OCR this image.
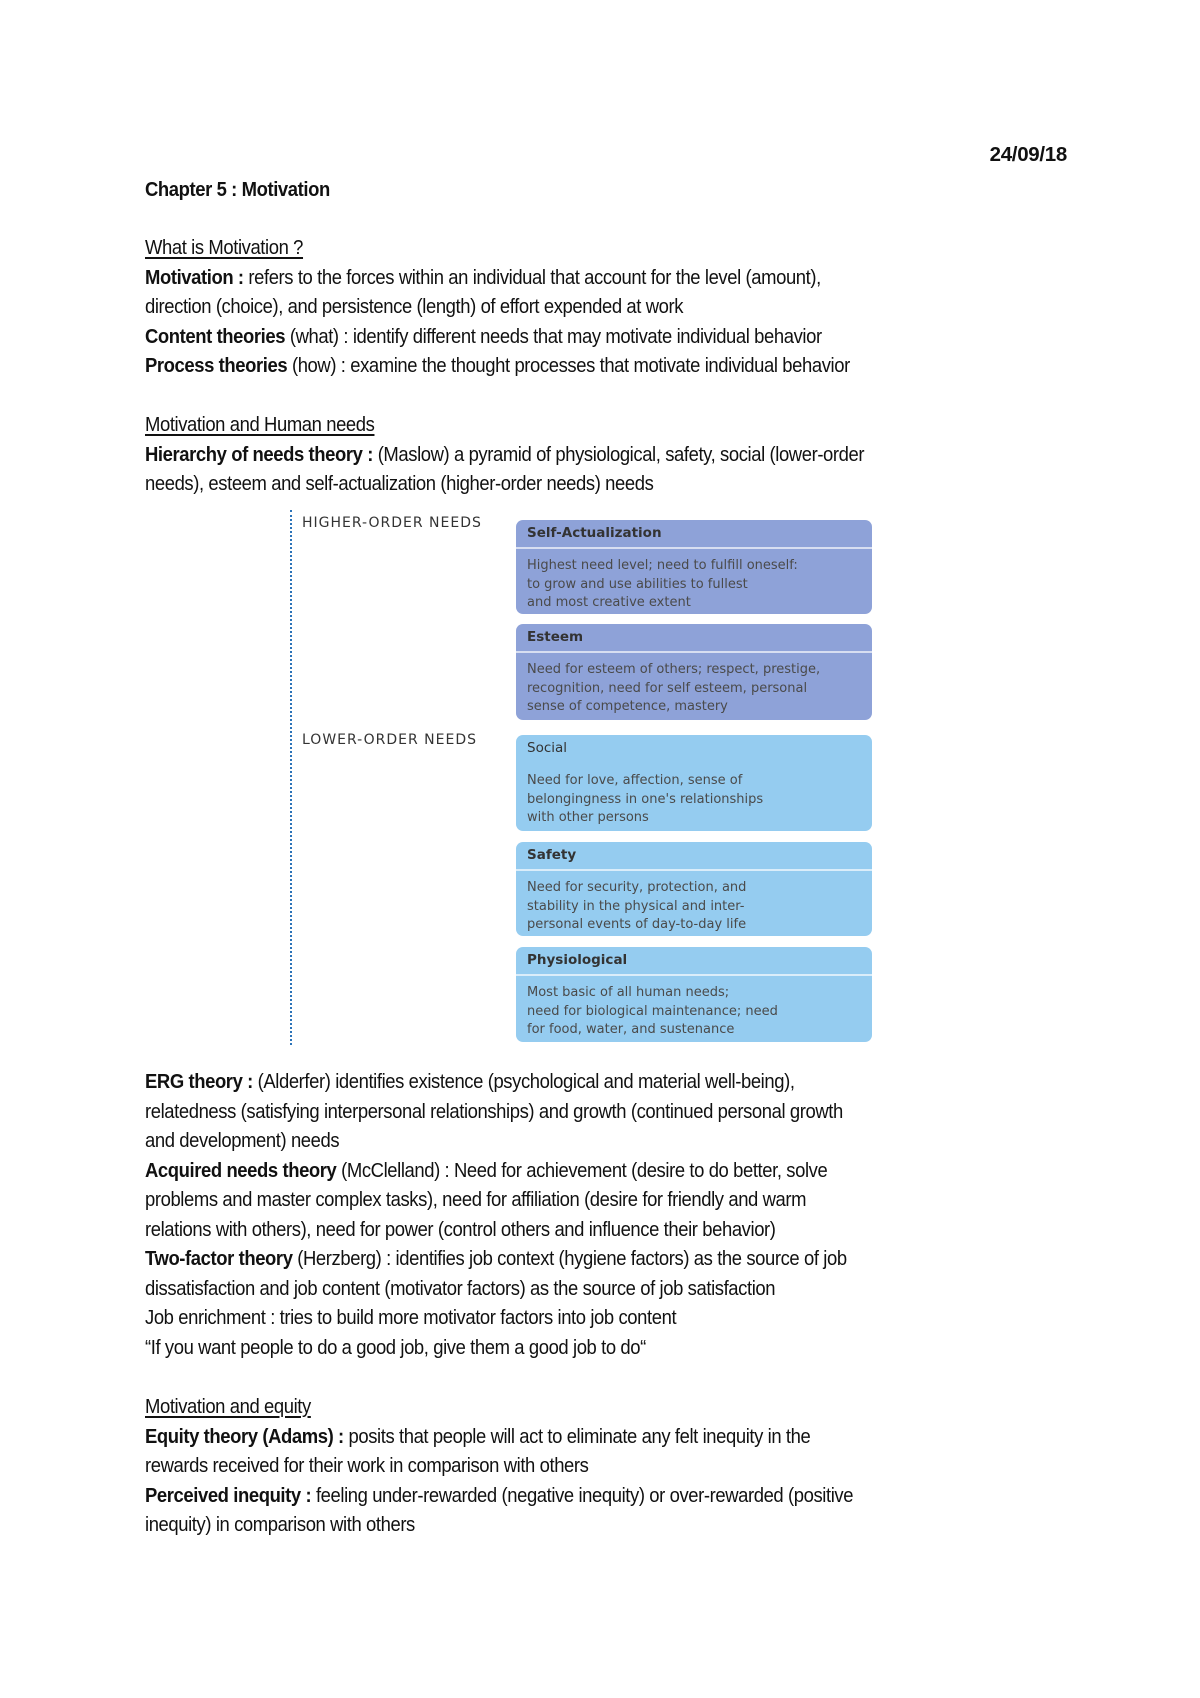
24/09/18
Chapter 5 : Motivation
What is Motivation ?
Motivation : refers to the forces within an individual that account for the level (amount),
direction (choice), and persistence (length) of effort expended at work
Content theories (what) : identify different needs that may motivate individual behavior
Process theories (how) : examine the thought processes that motivate individual behavior
Motivation and Human needs
Hierarchy of needs theory : (Maslow) a pyramid of physiological, safety, social (lower-order
needs), esteem and self-actualization (higher-order needs) needs
HIGHER-ORDER NEEDS
LOWER-ORDER NEEDS
Self-Actualization
Highest need level; need to fulfill oneself:
to grow and use abilities to fullest
and most creative extent
Esteem
Need for esteem of others; respect, prestige,
recognition, need for self esteem, personal
sense of competence, mastery
Social
Need for love, affection, sense of
belongingness in one's relationships
with other persons
Safety
Need for security, protection, and
stability in the physical and inter-
personal events of day-to-day life
Physiological
Most basic of all human needs;
need for biological maintenance; need
for food, water, and sustenance
ERG theory : (Alderfer) identifies existence (psychological and material well-being),
relatedness (satisfying interpersonal relationships) and growth (continued personal growth
and development) needs
Acquired needs theory (McClelland) : Need for achievement (desire to do better, solve
problems and master complex tasks), need for affiliation (desire for friendly and warm
relations with others), need for power (control others and influence their behavior)
Two-factor theory (Herzberg) : identifies job context (hygiene factors) as the source of job
dissatisfaction and job content (motivator factors) as the source of job satisfaction
Job enrichment : tries to build more motivator factors into job content
“If you want people to do a good job, give them a good job to do“
Motivation and equity
Equity theory (Adams) : posits that people will act to eliminate any felt inequity in the
rewards received for their work in comparison with others
Perceived inequity : feeling under-rewarded (negative inequity) or over-rewarded (positive
inequity) in comparison with others
